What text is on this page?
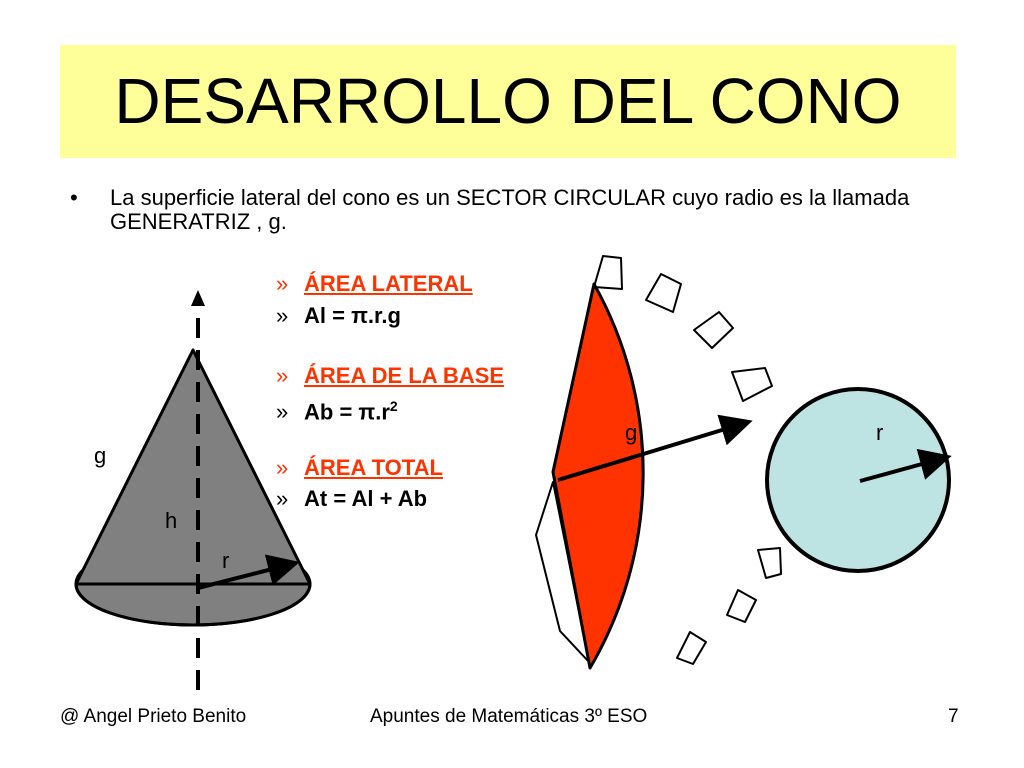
DESARROLLO DEL CONO
• La superficie lateral del cono es un SECTOR CIRCULAR cuyo radio es la llamada GENERATRIZ , g.
» ÁREA LATERAL
» Al = π.r.g
» ÁREA DE LA BASE
» $Ab = \pi.r^2$
» ÁREA TOTAL
» At = Al + Ab
g
h
r
g	r
@ Angel Prieto Benito	Apuntes de Matemáticas 3º ESO	7
